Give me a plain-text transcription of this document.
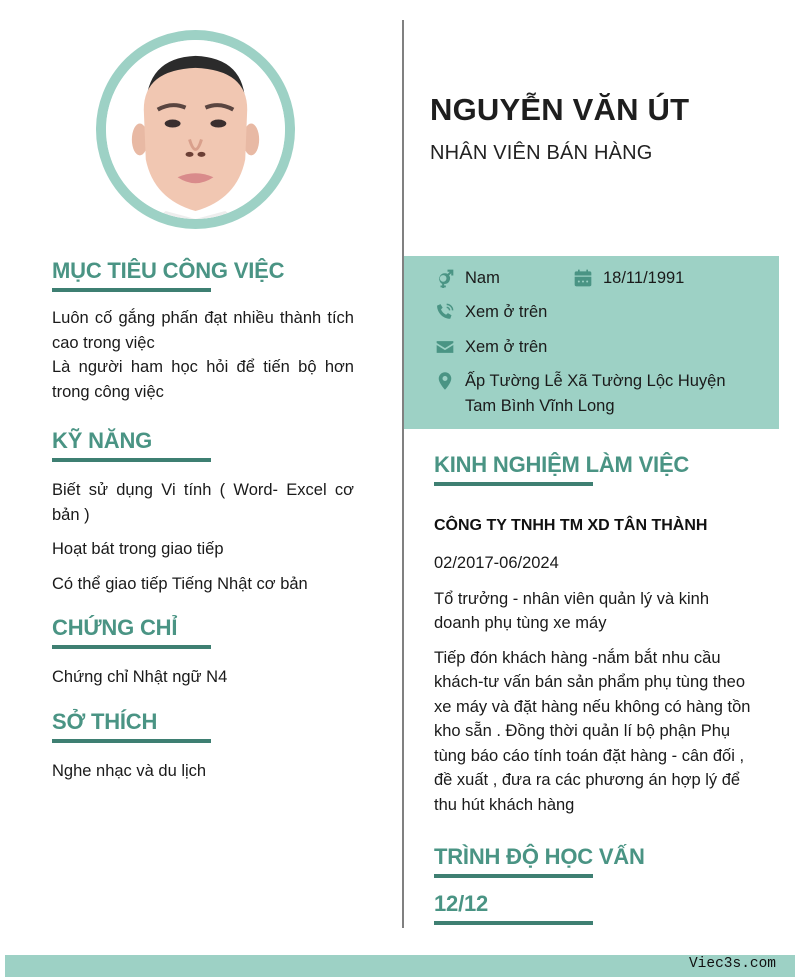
MỤC TIÊU CÔNG VIỆC
Luôn cố gắng phấn đạt nhiều thành tích cao trong việc
Là người ham học hỏi để tiến bộ hơn trong công việc
KỸ NĂNG
Biết sử dụng Vi tính ( Word- Excel cơ bản )
Hoạt bát trong giao tiếp
Có thể giao tiếp Tiếng Nhật cơ bản
CHỨNG CHỈ
Chứng chỉ Nhật ngữ N4
SỞ THÍCH
Nghe nhạc và du lịch
NGUYỄN VĂN ÚT
NHÂN VIÊN BÁN HÀNG
Nam	18/11/1991
Xem ở trên
Xem ở trên
Ấp Tường Lễ Xã Tường Lộc Huyện
Tam Bình Vĩnh Long
KINH NGHIỆM LÀM VIỆC
CÔNG TY TNHH TM XD TÂN THÀNH
02/2017-06/2024
Tổ trưởng - nhân viên quản lý và kinh doanh phụ tùng xe máy
Tiếp đón khách hàng -nắm bắt nhu cầu khách-tư vấn bán sản phẩm phụ tùng theo xe máy và đặt hàng nếu không có hàng tồn kho sẵn . Đồng thời quản lí bộ phận Phụ tùng báo cáo tính toán đặt hàng - cân đối , đề xuất , đưa ra các phương án hợp lý để thu hút khách hàng
TRÌNH ĐỘ HỌC VẤN
12/12
Viec3s.com
